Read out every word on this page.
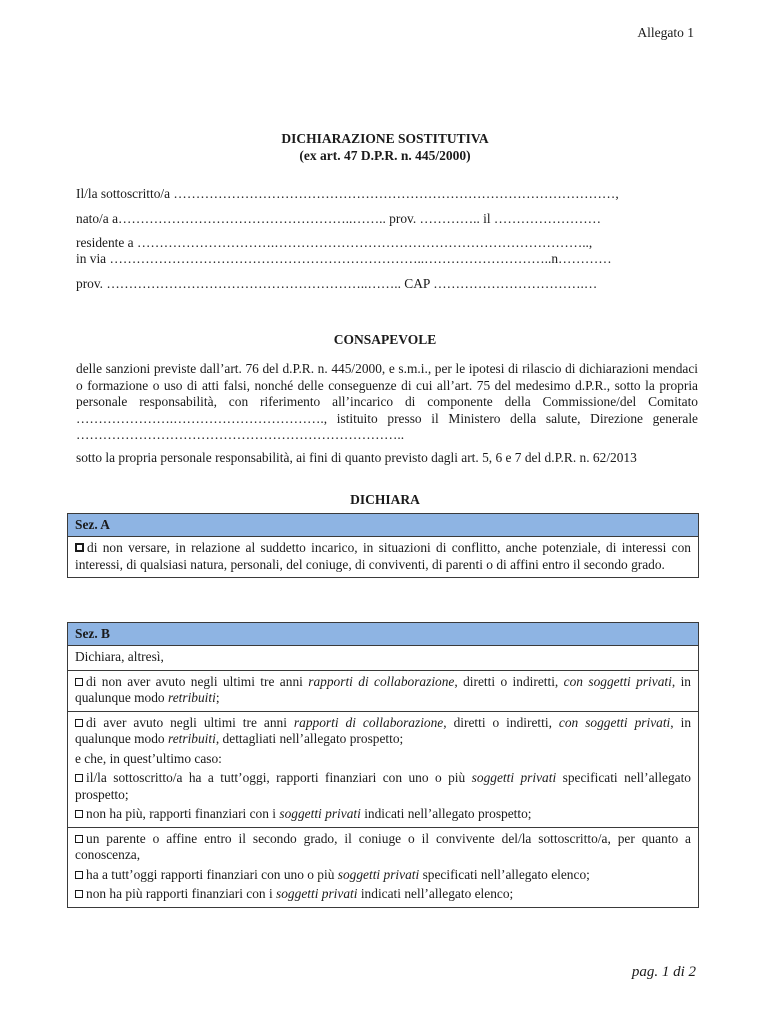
Allegato 1
DICHIARAZIONE SOSTITUTIVA
(ex art. 47 D.P.R. n. 445/2000)
Il/la sottoscritto/a ………………………………………………………………………………………,
nato/a a……………………………………………..…….. prov. ………….. il ……………………
residente a ………………………….……………………………………………………………..,
in via ……………………………………………………………..………………………..n…………
prov. …………………………………………………..…….. CAP …………………………….…
CONSAPEVOLE

delle sanzioni previste dall’art. 76 del d.P.R. n. 445/2000, e s.m.i., per le ipotesi di rilascio di dichiarazioni mendaci o formazione o uso di atti falsi, nonché delle conseguenze di cui all’art. 75 del medesimo d.P.R., sotto la propria personale responsabilità, con riferimento all’incarico di componente della Commissione/del Comitato ………………….……………………………., istituito presso il Ministero della salute, Direzione generale ………………………………………………………………..

sotto la propria personale responsabilità, ai fini di quanto previsto dagli art. 5, 6 e 7 del d.P.R. n. 62/2013

DICHIARA
Sez. A
di non versare, in relazione al suddetto incarico, in situazioni di conflitto, anche potenziale, di interessi con interessi, di qualsiasi natura, personali, del coniuge, di conviventi, di parenti o di affini entro il secondo grado.
Sez. B
Dichiara, altresì,
di non aver avuto negli ultimi tre anni rapporti di collaborazione, diretti o indiretti, con soggetti privati, in qualunque modo retribuiti;

di aver avuto negli ultimi tre anni rapporti di collaborazione, diretti o indiretti, con soggetti privati, in qualunque modo retribuiti, dettagliati nell’allegato prospetto;

e che, in quest’ultimo caso:

il/la sottoscritto/a ha a tutt’oggi, rapporti finanziari con uno o più soggetti privati specificati nell’allegato prospetto;

non ha più, rapporti finanziari con i soggetti privati indicati nell’allegato prospetto;

un parente o affine entro il secondo grado, il coniuge o il convivente del/la sottoscritto/a, per quanto a conoscenza,

ha a tutt’oggi rapporti finanziari con uno o più soggetti privati specificati nell’allegato elenco;

non ha più rapporti finanziari con i soggetti privati indicati nell’allegato elenco;

pag. 1 di 2
